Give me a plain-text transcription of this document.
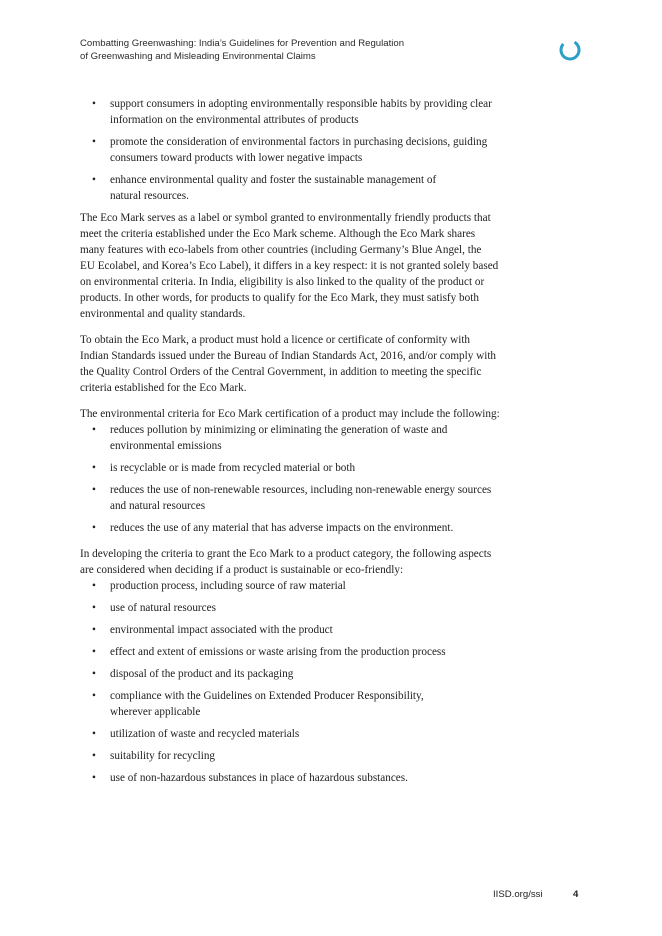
Combatting Greenwashing: India’s Guidelines for Prevention and Regulation
of Greenwashing and Misleading Environmental Claims
• support consumers in adopting environmentally responsible habits by providing clear
information on the environmental attributes of products
• promote the consideration of environmental factors in purchasing decisions, guiding
consumers toward products with lower negative impacts
• enhance environmental quality and foster the sustainable management of
natural resources.

The Eco Mark serves as a label or symbol granted to environmentally friendly products that
meet the criteria established under the Eco Mark scheme. Although the Eco Mark shares
many features with eco-labels from other countries (including Germany’s Blue Angel, the
EU Ecolabel, and Korea’s Eco Label), it differs in a key respect: it is not granted solely based
on environmental criteria. In India, eligibility is also linked to the quality of the product or
products. In other words, for products to qualify for the Eco Mark, they must satisfy both
environmental and quality standards.

To obtain the Eco Mark, a product must hold a licence or certificate of conformity with
Indian Standards issued under the Bureau of Indian Standards Act, 2016, and/or comply with
the Quality Control Orders of the Central Government, in addition to meeting the specific
criteria established for the Eco Mark.

The environmental criteria for Eco Mark certification of a product may include the following:

• reduces pollution by minimizing or eliminating the generation of waste and
environmental emissions
• is recyclable or is made from recycled material or both
• reduces the use of non-renewable resources, including non-renewable energy sources
and natural resources
• reduces the use of any material that has adverse impacts on the environment.

In developing the criteria to grant the Eco Mark to a product category, the following aspects
are considered when deciding if a product is sustainable or eco-friendly:

• production process, including source of raw material
• use of natural resources
• environmental impact associated with the product
• effect and extent of emissions or waste arising from the production process
• disposal of the product and its packaging
• compliance with the Guidelines on Extended Producer Responsibility,
wherever applicable
• utilization of waste and recycled materials
• suitability for recycling
• use of non-hazardous substances in place of hazardous substances.
IISD.org/ssi	4
